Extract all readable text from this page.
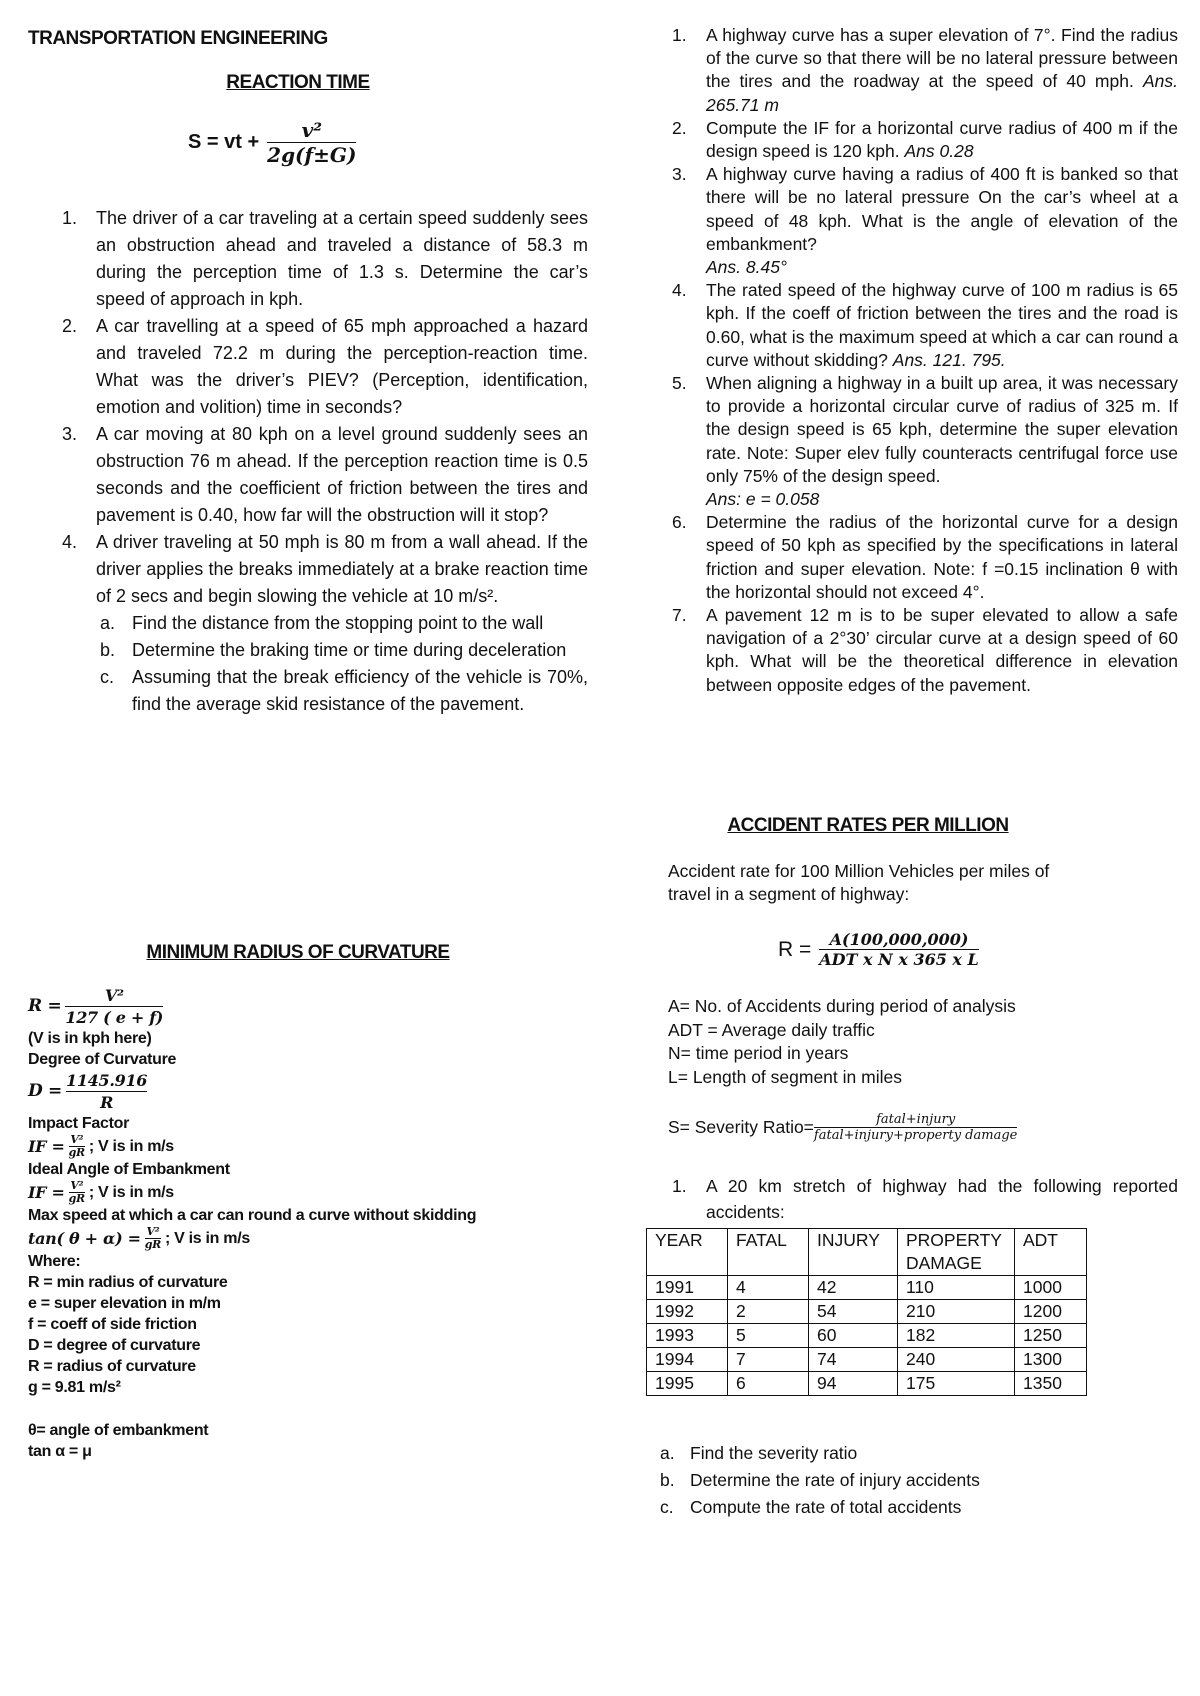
TRANSPORTATION ENGINEERING
REACTION TIME
S = vt + $\frac{\text{v²}}{2g(f\pm G)}$
1. The driver of a car traveling at a certain speed suddenly sees an obstruction ahead and traveled a distance of 58.3 m during the perception time of 1.3 s. Determine the car’s speed of approach in kph.
2. A car travelling at a speed of 65 mph approached a hazard and traveled 72.2 m during the perception-reaction time. What was the driver’s PIEV? (Perception, identification, emotion and volition) time in seconds?
3. A car moving at 80 kph on a level ground suddenly sees an obstruction 76 m ahead. If the perception reaction time is 0.5 seconds and the coefficient of friction between the tires and pavement is 0.40, how far will the obstruction will it stop?
4. A driver traveling at 50 mph is 80 m from a wall ahead. If the driver applies the breaks immediately at a brake reaction time of 2 secs and begin slowing the vehicle at 10 m/s².
a. Find the distance from the stopping point to the wall
b. Determine the braking time or time during deceleration
c. Assuming that the break efficiency of the vehicle is 70%, find the average skid resistance of the pavement.
MINIMUM RADIUS OF CURVATURE
$R = \frac{\text{V²}}{127 ( e + f)}$
(V is in kph here)
Degree of Curvature
$D = \frac{1145.916}{R}$
Impact Factor
IF = V²
gR ; V is in m/s
Ideal Angle of Embankment
IF = V²
gR ; V is in m/s
Max speed at which a car can round a curve without skidding
tan( θ + α) = V²
gR ; V is in m/s
Where:
R = min radius of curvature
e = super elevation in m/m
f = coeff of side friction
D = degree of curvature
R = radius of curvature
g = 9.81 m/s²
θ= angle of embankment
tan α = μ
1. A highway curve has a super elevation of 7°. Find the radius of the curve so that there will be no lateral pressure between the tires and the roadway at the speed of 40 mph. Ans. 265.71 m
2. Compute the IF for a horizontal curve radius of 400 m if the design speed is 120 kph. Ans 0.28
3. A highway curve having a radius of 400 ft is banked so that there will be no lateral pressure On the car’s wheel at a speed of 48 kph. What is the angle of elevation of the embankment?
Ans. 8.45°
4. The rated speed of the highway curve of 100 m radius is 65 kph. If the coeff of friction between the tires and the road is 0.60, what is the maximum speed at which a car can round a curve without skidding? Ans. 121. 795.
5. When aligning a highway in a built up area, it was necessary to provide a horizontal circular curve of radius of 325 m. If the design speed is 65 kph, determine the super elevation rate. Note: Super elev fully counteracts centrifugal force use only 75% of the design speed.
Ans: e = 0.058
6. Determine the radius of the horizontal curve for a design speed of 50 kph as specified by the specifications in lateral friction and super elevation. Note: f =0.15 inclination θ with the horizontal should not exceed 4°.
7. A pavement 12 m is to be super elevated to allow a safe navigation of a 2°30’ circular curve at a design speed of 60 kph. What will be the theoretical difference in elevation between opposite edges of the pavement.
ACCIDENT RATES PER MILLION
Accident rate for 100 Million Vehicles per miles of travel in a segment of highway:
$R = \frac{A(100,000,000)}{\text{ADT x N x 365 x L}}$
A= No. of Accidents during period of analysis
ADT = Average daily traffic
N= time period in years
L= Length of segment in miles
S= Severity Ratio= $\frac{\text{fatal+injury}}{\text{fatal+injury+property damage}}$
1. A 20 km stretch of highway had the following reported accidents:
YEAR	FATAL	INJURY	PROPERTY DAMAGE	ADT
1991	4	42	110	1000
1992	2	54	210	1200
1993	5	60	182	1250
1994	7	74	240	1300
1995	6	94	175	1350
a. Find the severity ratio
b. Determine the rate of injury accidents
c. Compute the rate of total accidents
